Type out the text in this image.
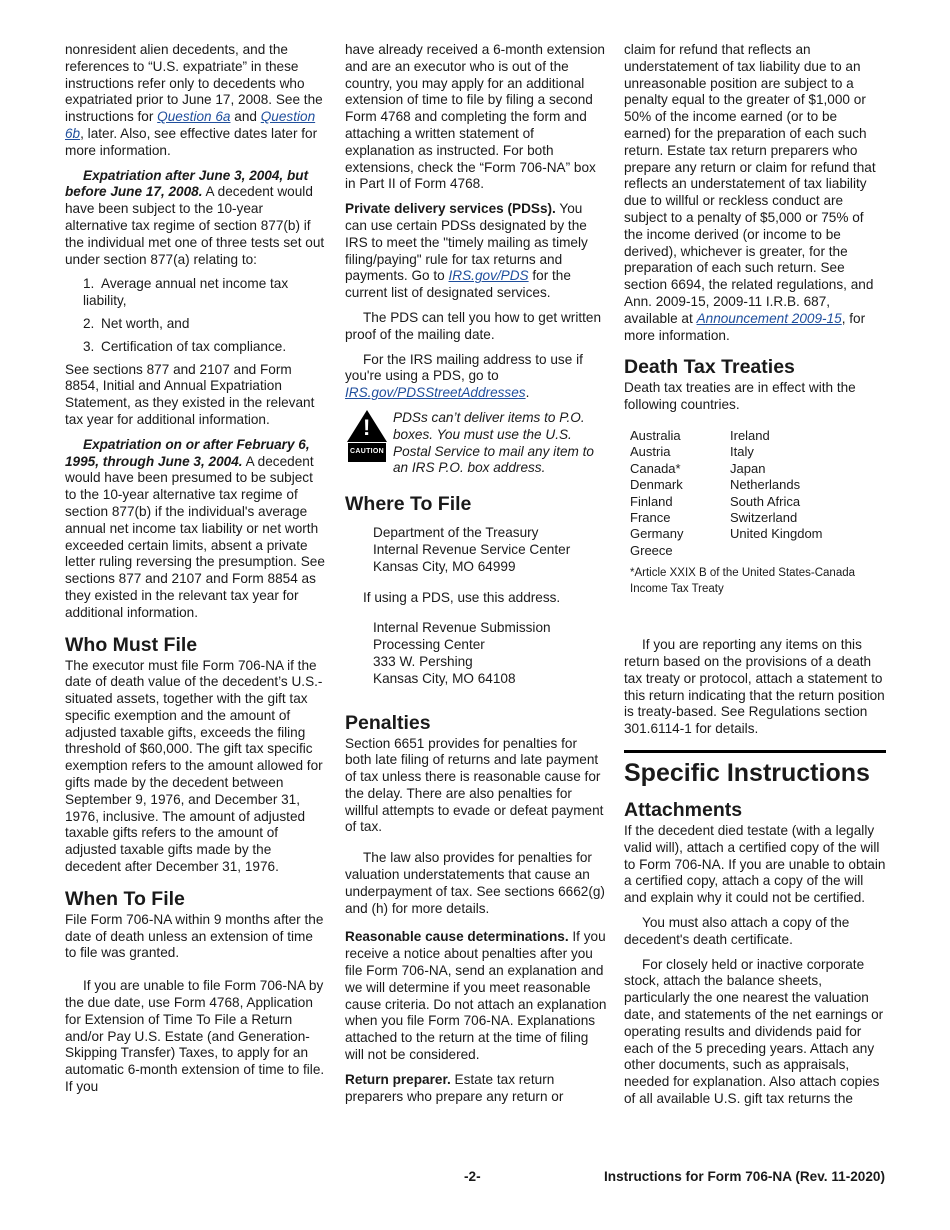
nonresident alien decedents, and the references to “U.S. expatriate” in these instructions refer only to decedents who expatriated prior to June 17, 2008. See the instructions for Question 6a and Question 6b, later. Also, see effective dates later for more information.

Expatriation after June 3, 2004, but before June 17, 2008. A decedent would have been subject to the 10-year alternative tax regime of section 877(b) if the individual met one of three tests set out under section 877(a) relating to:

1. Average annual net income tax liability,

2. Net worth, and

3. Certification of tax compliance.

See sections 877 and 2107 and Form 8854, Initial and Annual Expatriation Statement, as they existed in the relevant tax year for additional information.

Expatriation on or after February 6, 1995, through June 3, 2004. A decedent would have been presumed to be subject to the 10-year alternative tax regime of section 877(b) if the individual's average annual net income tax liability or net worth exceeded certain limits, absent a private letter ruling reversing the presumption. See sections 877 and 2107 and Form 8854 as they existed in the relevant tax year for additional information.

Who Must File

The executor must file Form 706-NA if the date of death value of the decedent’s U.S.-situated assets, together with the gift tax specific exemption and the amount of adjusted taxable gifts, exceeds the filing threshold of $60,000. The gift tax specific exemption refers to the amount allowed for gifts made by the decedent between September 9, 1976, and December 31, 1976, inclusive. The amount of adjusted taxable gifts refers to the amount of adjusted taxable gifts made by the decedent after December 31, 1976.

When To File

File Form 706-NA within 9 months after the date of death unless an extension of time to file was granted.

If you are unable to file Form 706-NA by the due date, use Form 4768, Application for Extension of Time To File a Return and/or Pay U.S. Estate (and Generation-Skipping Transfer) Taxes, to apply for an automatic 6-month extension of time to file. If you

have already received a 6-month extension and are an executor who is out of the country, you may apply for an additional extension of time to file by filing a second Form 4768 and completing the form and attaching a written statement of explanation as instructed. For both extensions, check the “Form 706-NA” box in Part II of Form 4768.

Private delivery services (PDSs). You can use certain PDSs designated by the IRS to meet the "timely mailing as timely filing/paying" rule for tax returns and payments. Go to IRS.gov/PDS for the current list of designated services.

The PDS can tell you how to get written proof of the mailing date.

For the IRS mailing address to use if you're using a PDS, go to IRS.gov/PDSStreetAddresses.

!
CAUTION
PDSs can’t deliver items to P.O. boxes. You must use the U.S. Postal Service to mail any item to an IRS P.O. box address.
Where To File
Department of the Treasury
Internal Revenue Service Center
Kansas City, MO 64999

If using a PDS, use this address.

Internal Revenue Submission
Processing Center
333 W. Pershing
Kansas City, MO 64108
Penalties

Section 6651 provides for penalties for both late filing of returns and late payment of tax unless there is reasonable cause for the delay. There are also penalties for willful attempts to evade or defeat payment of tax.

The law also provides for penalties for valuation understatements that cause an underpayment of tax. See sections 6662(g) and (h) for more details.

Reasonable cause determinations. If you receive a notice about penalties after you file Form 706-NA, send an explanation and we will determine if you meet reasonable cause criteria. Do not attach an explanation when you file Form 706-NA. Explanations attached to the return at the time of filing will not be considered.

Return preparer. Estate tax return preparers who prepare any return or

claim for refund that reflects an understatement of tax liability due to an unreasonable position are subject to a penalty equal to the greater of $1,000 or 50% of the income earned (or to be earned) for the preparation of each such return. Estate tax return preparers who prepare any return or claim for refund that reflects an understatement of tax liability due to willful or reckless conduct are subject to a penalty of $5,000 or 75% of the income derived (or income to be derived), whichever is greater, for the preparation of each such return. See section 6694, the related regulations, and Ann. 2009-15, 2009-11 I.R.B. 687, available at Announcement 2009-15, for more information.

Death Tax Treaties

Death tax treaties are in effect with the following countries.

Australia
Austria
Canada*
Denmark
Finland
France
Germany
Greece
Ireland
Italy
Japan
Netherlands
South Africa
Switzerland
United Kingdom

*Article XXIX B of the United States-Canada Income Tax Treaty

If you are reporting any items on this return based on the provisions of a death tax treaty or protocol, attach a statement to this return indicating that the return position is treaty-based. See Regulations section 301.6114-1 for details.

Specific Instructions
Attachments

If the decedent died testate (with a legally valid will), attach a certified copy of the will to Form 706-NA. If you are unable to obtain a certified copy, attach a copy of the will and explain why it could not be certified.

You must also attach a copy of the decedent's death certificate.

For closely held or inactive corporate stock, attach the balance sheets, particularly the one nearest the valuation date, and statements of the net earnings or operating results and dividends paid for each of the 5 preceding years. Attach any other documents, such as appraisals, needed for explanation. Also attach copies of all available U.S. gift tax returns the

-2-	Instructions for Form 706-NA (Rev. 11-2020)
